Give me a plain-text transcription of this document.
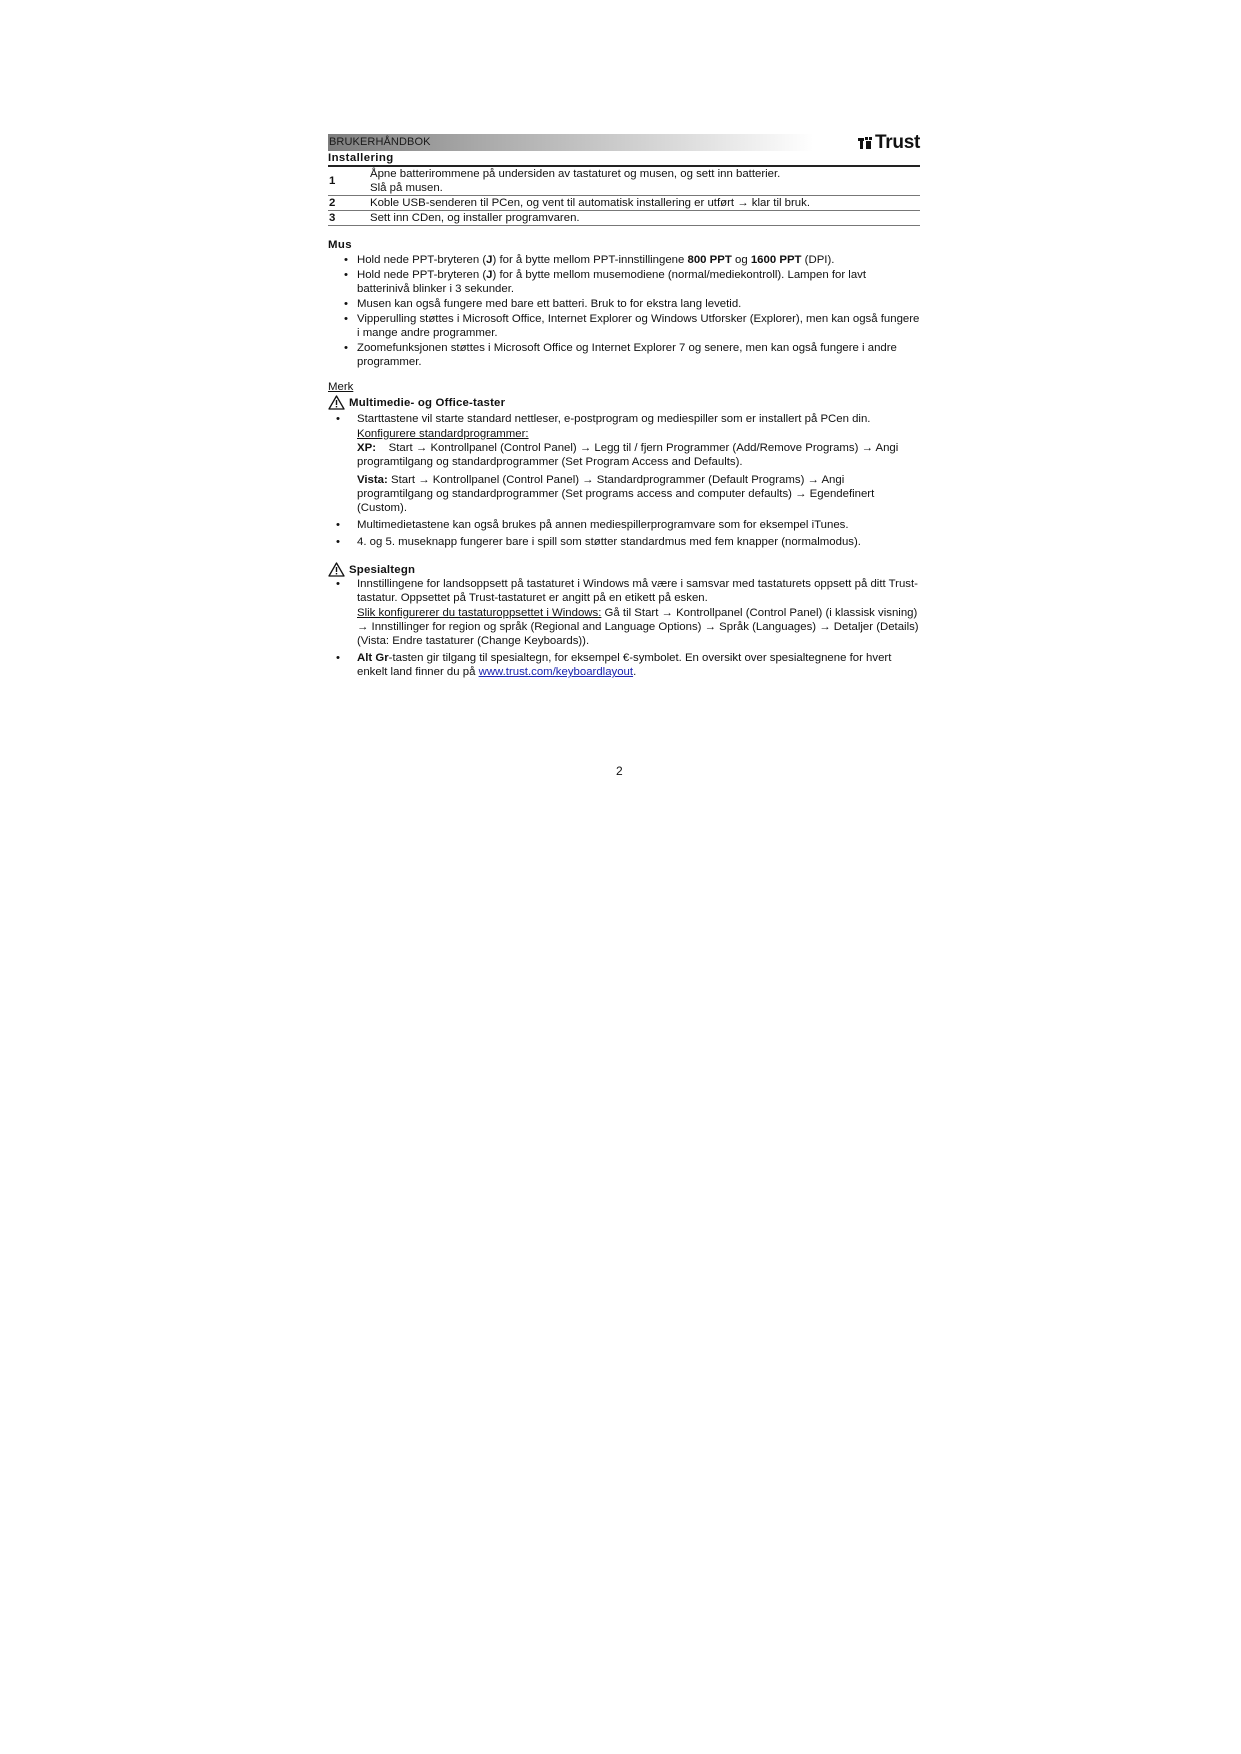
BRUKERHÅNDBOK	Trust
Installering
1	Åpne batterirommene på undersiden av tastaturet og musen, og sett inn batterier.
Slå på musen.

2	Koble USB-senderen til PCen, og vent til automatisk installering er utført → klar til bruk.
3	Sett inn CDen, og installer programvaren.
Mus
• Hold nede PPT-bryteren (J) for å bytte mellom PPT-innstillingene 800 PPT og 1600 PPT (DPI).
• Hold nede PPT-bryteren (J) for å bytte mellom musemodiene (normal/mediekontroll). Lampen for lavt batterinivå blinker i 3 sekunder.
• Musen kan også fungere med bare ett batteri. Bruk to for ekstra lang levetid.
• Vipperulling støttes i Microsoft Office, Internet Explorer og Windows Utforsker (Explorer), men kan også fungere i mange andre programmer.
• Zoomefunksjonen støttes i Microsoft Office og Internet Explorer 7 og senere, men kan også fungere i andre programmer.
Merk
Multimedie- og Office-taster
• Starttastene vil starte standard nettleser, e-postprogram og mediespiller som er installert på PCen din.
Konfigurere standardprogrammer:
XP: Start → Kontrollpanel (Control Panel) → Legg til / fjern Programmer (Add/Remove Programs) → Angi programtilgang og standardprogrammer (Set Program Access and Defaults).
Vista: Start → Kontrollpanel (Control Panel) → Standardprogrammer (Default Programs) → Angi programtilgang og standardprogrammer (Set programs access and computer defaults) → Egendefinert (Custom).
• Multimedietastene kan også brukes på annen mediespillerprogramvare som for eksempel iTunes.
• 4. og 5. museknapp fungerer bare i spill som støtter standardmus med fem knapper (normalmodus).
Spesialtegn
• Innstillingene for landsoppsett på tastaturet i Windows må være i samsvar med tastaturets oppsett på ditt Trust-tastatur. Oppsettet på Trust-tastaturet er angitt på en etikett på esken.
Slik konfigurerer du tastaturoppsettet i Windows: Gå til Start → Kontrollpanel (Control Panel) (i klassisk visning) → Innstillinger for region og språk (Regional and Language Options) → Språk (Languages) → Detaljer (Details) (Vista: Endre tastaturer (Change Keyboards)).
• Alt Gr-tasten gir tilgang til spesialtegn, for eksempel €-symbolet. En oversikt over spesialtegnene for hvert enkelt land finner du på www.trust.com/keyboardlayout.
2
